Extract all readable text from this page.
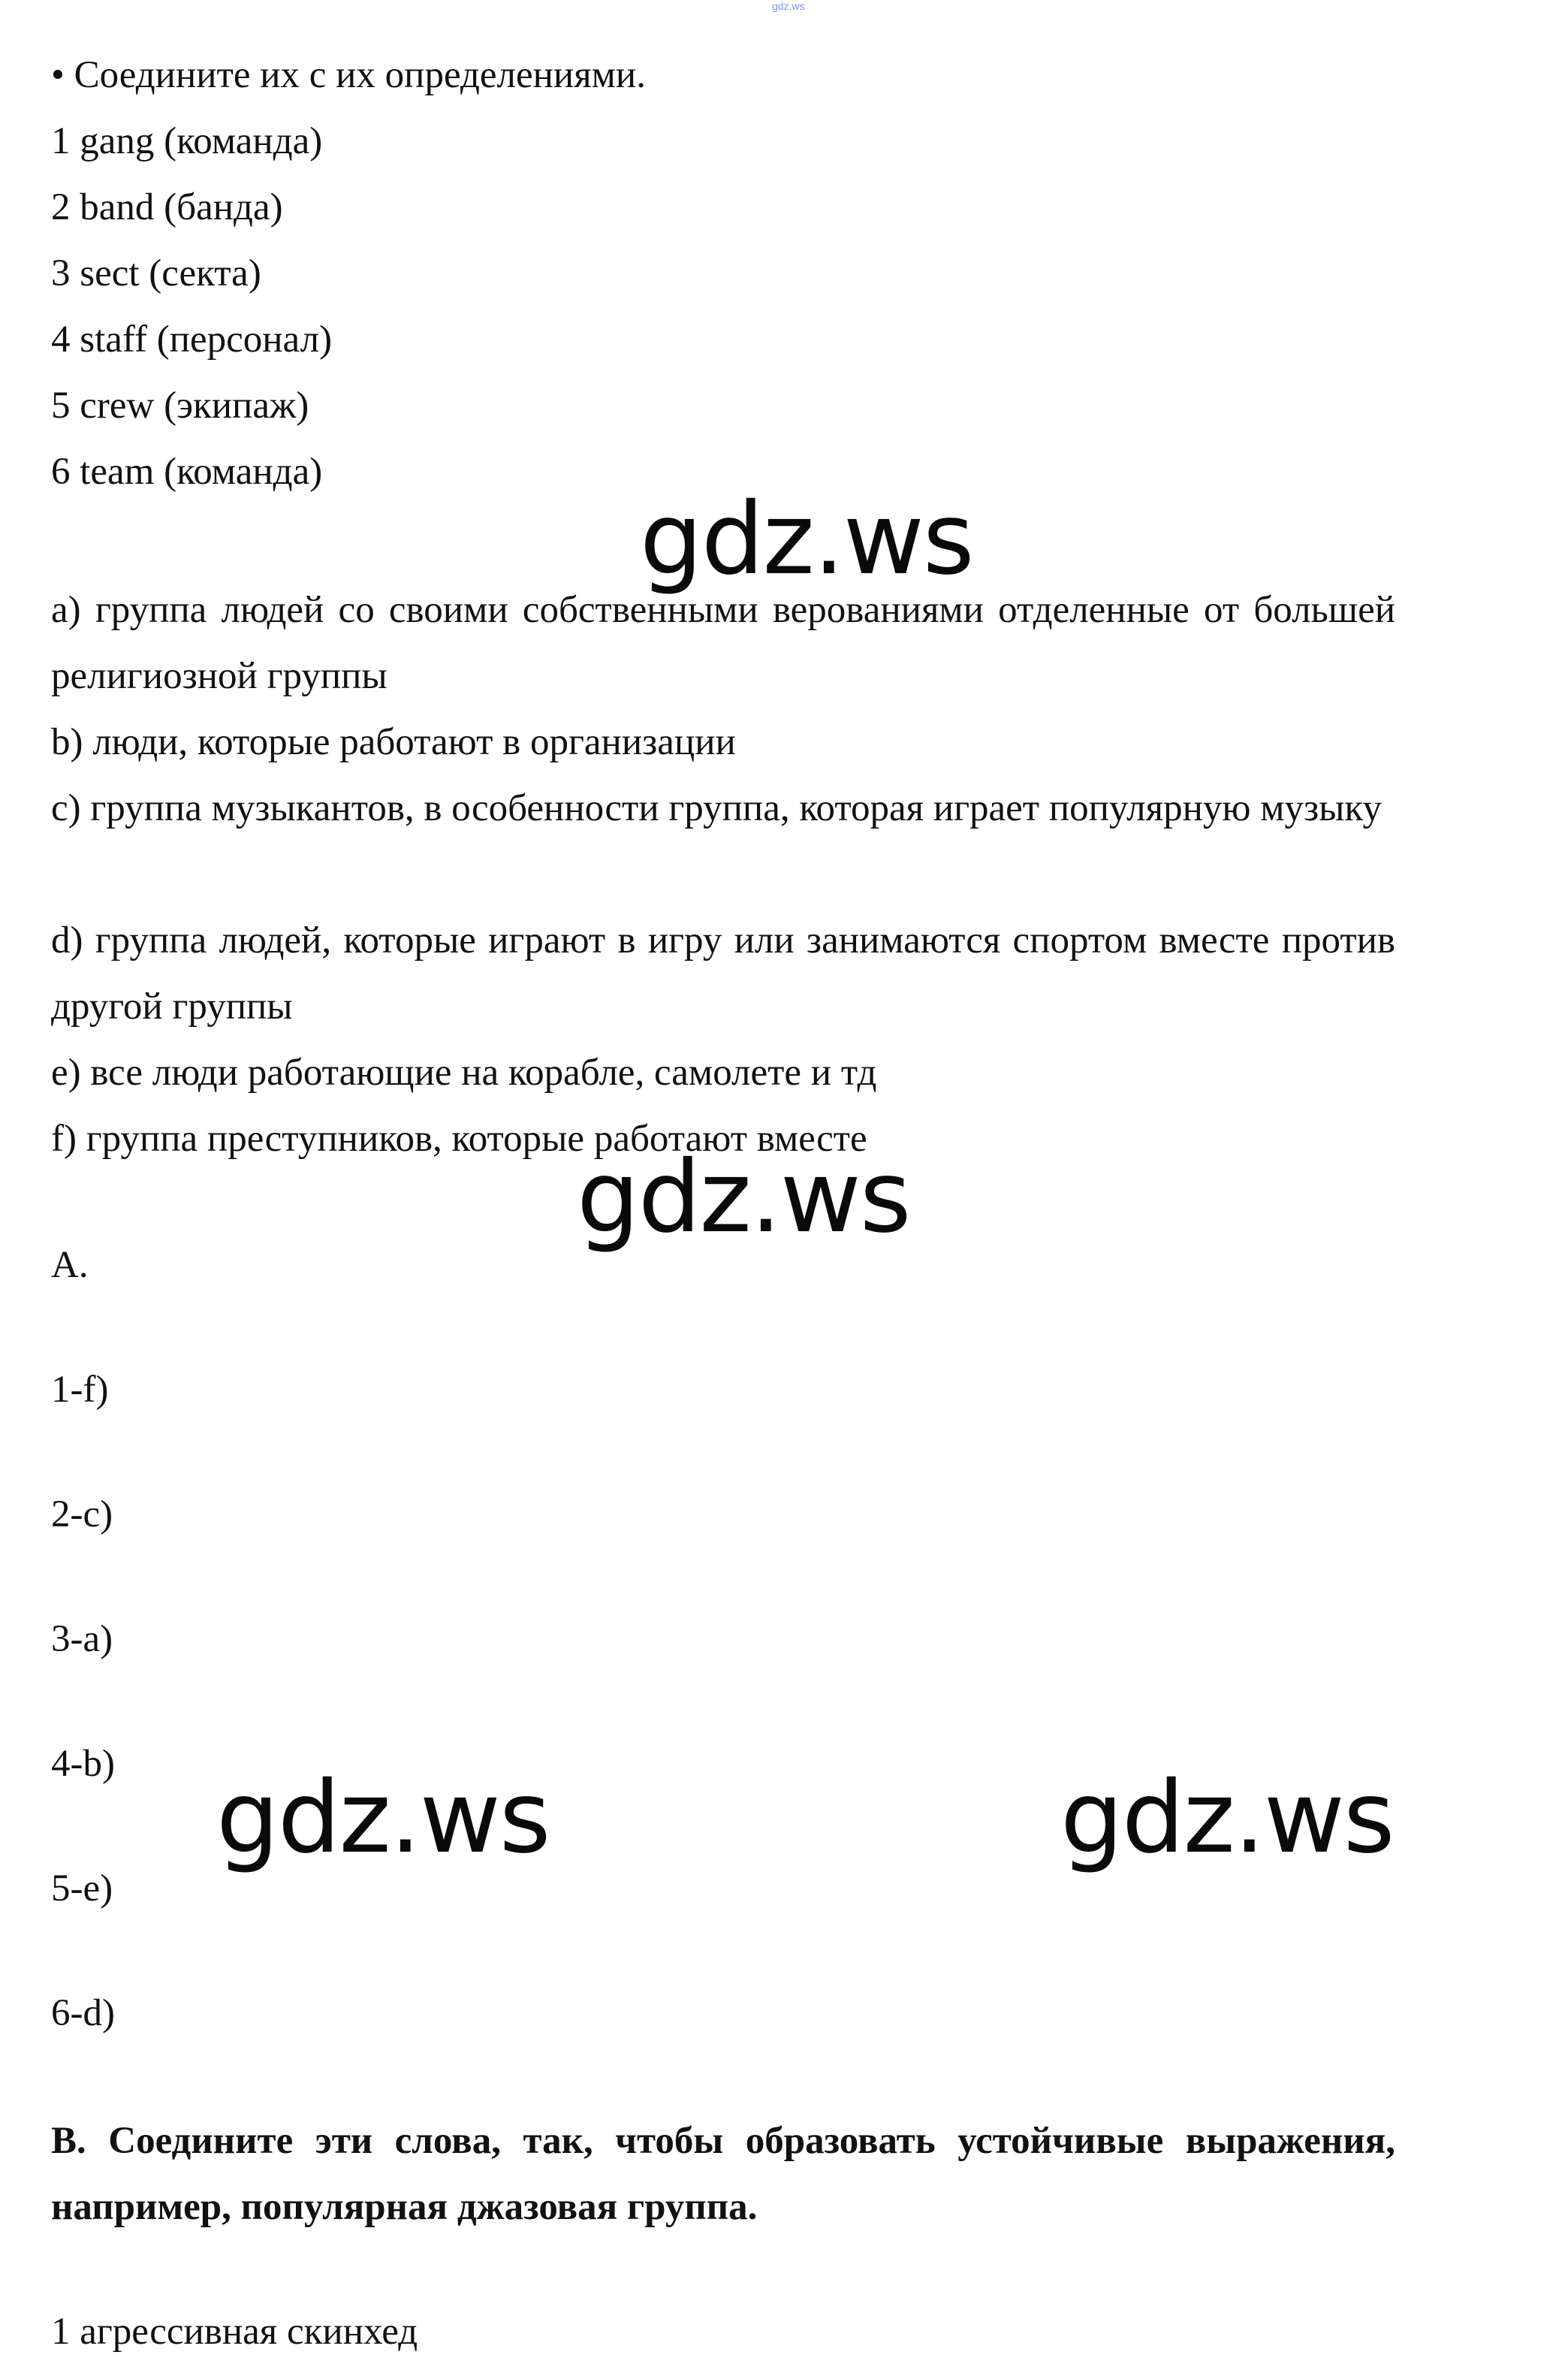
gdz.ws

• Соедините их с их определениями.

1 gang (команда)

2 band (банда)

3 sect (секта)

4 staff (персонал)

5 crew (экипаж)

6 team (команда)

a) группа людей со своими собственными верованиями отделенные от большей религиозной группы

b) люди, которые работают в организации

c) группа музыкантов, в особенности группа, которая играет популярную музыку

d) группа людей, которые играют в игру или занимаются спортом вместе против другой группы

e) все люди работающие на корабле, самолете и тд

f) группа преступников, которые работают вместе

A.

1-f)

2-c)

3-a)

4-b)

5-e)

6-d)

B. Соедините эти слова, так, чтобы образовать устойчивые выражения, например, популярная джазовая группа.

1 агрессивная скинхед

gdz.ws
gdz.ws
gdz.ws	gdz.ws
